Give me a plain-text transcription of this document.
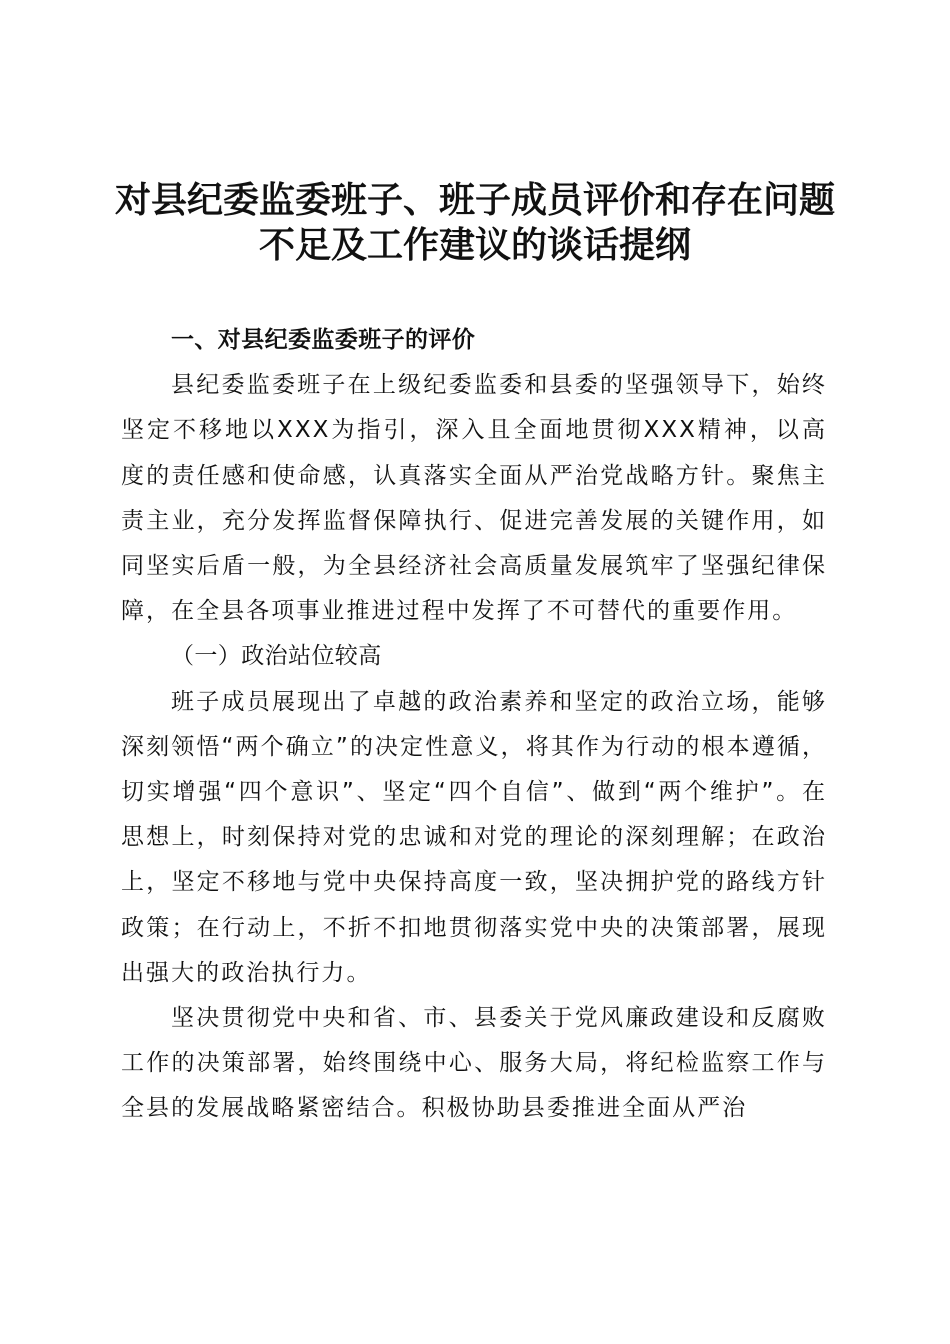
对县纪委监委班子、班子成员评价和存在问题
不足及工作建议的谈话提纲

一、对县纪委监委班子的评价

县纪委监委班子在上级纪委监委和县委的坚强领导下，始终坚定不移地以XXX为指引，深入且全面地贯彻XXX精神，以高度的责任感和使命感，认真落实全面从严治党战略方针。聚焦主责主业，充分发挥监督保障执行、促进完善发展的关键作用，如同坚实后盾一般，为全县经济社会高质量发展筑牢了坚强纪律保障，在全县各项事业推进过程中发挥了不可替代的重要作用。

（一）政治站位较高

班子成员展现出了卓越的政治素养和坚定的政治立场，能够深刻领悟“两个确立”的决定性意义，将其作为行动的根本遵循，切实增强“四个意识”、坚定“四个自信”、做到“两个维护”。在思想上，时刻保持对党的忠诚和对党的理论的深刻理解；在政治上，坚定不移地与党中央保持高度一致，坚决拥护党的路线方针政策；在行动上，不折不扣地贯彻落实党中央的决策部署，展现出强大的政治执行力。

坚决贯彻党中央和省、市、县委关于党风廉政建设和反腐败工作的决策部署，始终围绕中心、服务大局，将纪检监察工作与全县的发展战略紧密结合。积极协助县委推进全面从严治
